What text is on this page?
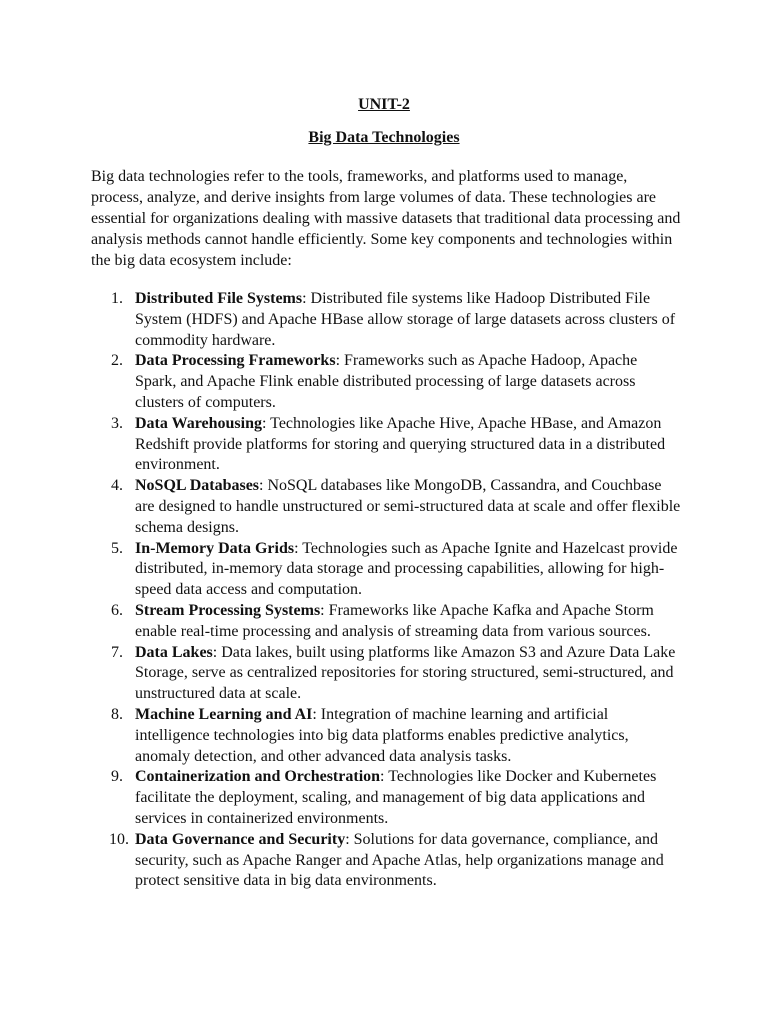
UNIT-2
Big Data Technologies

Big data technologies refer to the tools, frameworks, and platforms used to manage, process, analyze, and derive insights from large volumes of data. These technologies are essential for organizations dealing with massive datasets that traditional data processing and analysis methods cannot handle efficiently. Some key components and technologies within the big data ecosystem include:

1. Distributed File Systems: Distributed file systems like Hadoop Distributed File System (HDFS) and Apache HBase allow storage of large datasets across clusters of commodity hardware.
2. Data Processing Frameworks: Frameworks such as Apache Hadoop, Apache Spark, and Apache Flink enable distributed processing of large datasets across clusters of computers.
3. Data Warehousing: Technologies like Apache Hive, Apache HBase, and Amazon Redshift provide platforms for storing and querying structured data in a distributed environment.
4. NoSQL Databases: NoSQL databases like MongoDB, Cassandra, and Couchbase are designed to handle unstructured or semi-structured data at scale and offer flexible schema designs.
5. In-Memory Data Grids: Technologies such as Apache Ignite and Hazelcast provide distributed, in-memory data storage and processing capabilities, allowing for high-speed data access and computation.
6. Stream Processing Systems: Frameworks like Apache Kafka and Apache Storm enable real-time processing and analysis of streaming data from various sources.
7. Data Lakes: Data lakes, built using platforms like Amazon S3 and Azure Data Lake Storage, serve as centralized repositories for storing structured, semi-structured, and unstructured data at scale.
8. Machine Learning and AI: Integration of machine learning and artificial intelligence technologies into big data platforms enables predictive analytics, anomaly detection, and other advanced data analysis tasks.
9. Containerization and Orchestration: Technologies like Docker and Kubernetes facilitate the deployment, scaling, and management of big data applications and services in containerized environments.
10. Data Governance and Security: Solutions for data governance, compliance, and security, such as Apache Ranger and Apache Atlas, help organizations manage and protect sensitive data in big data environments.
